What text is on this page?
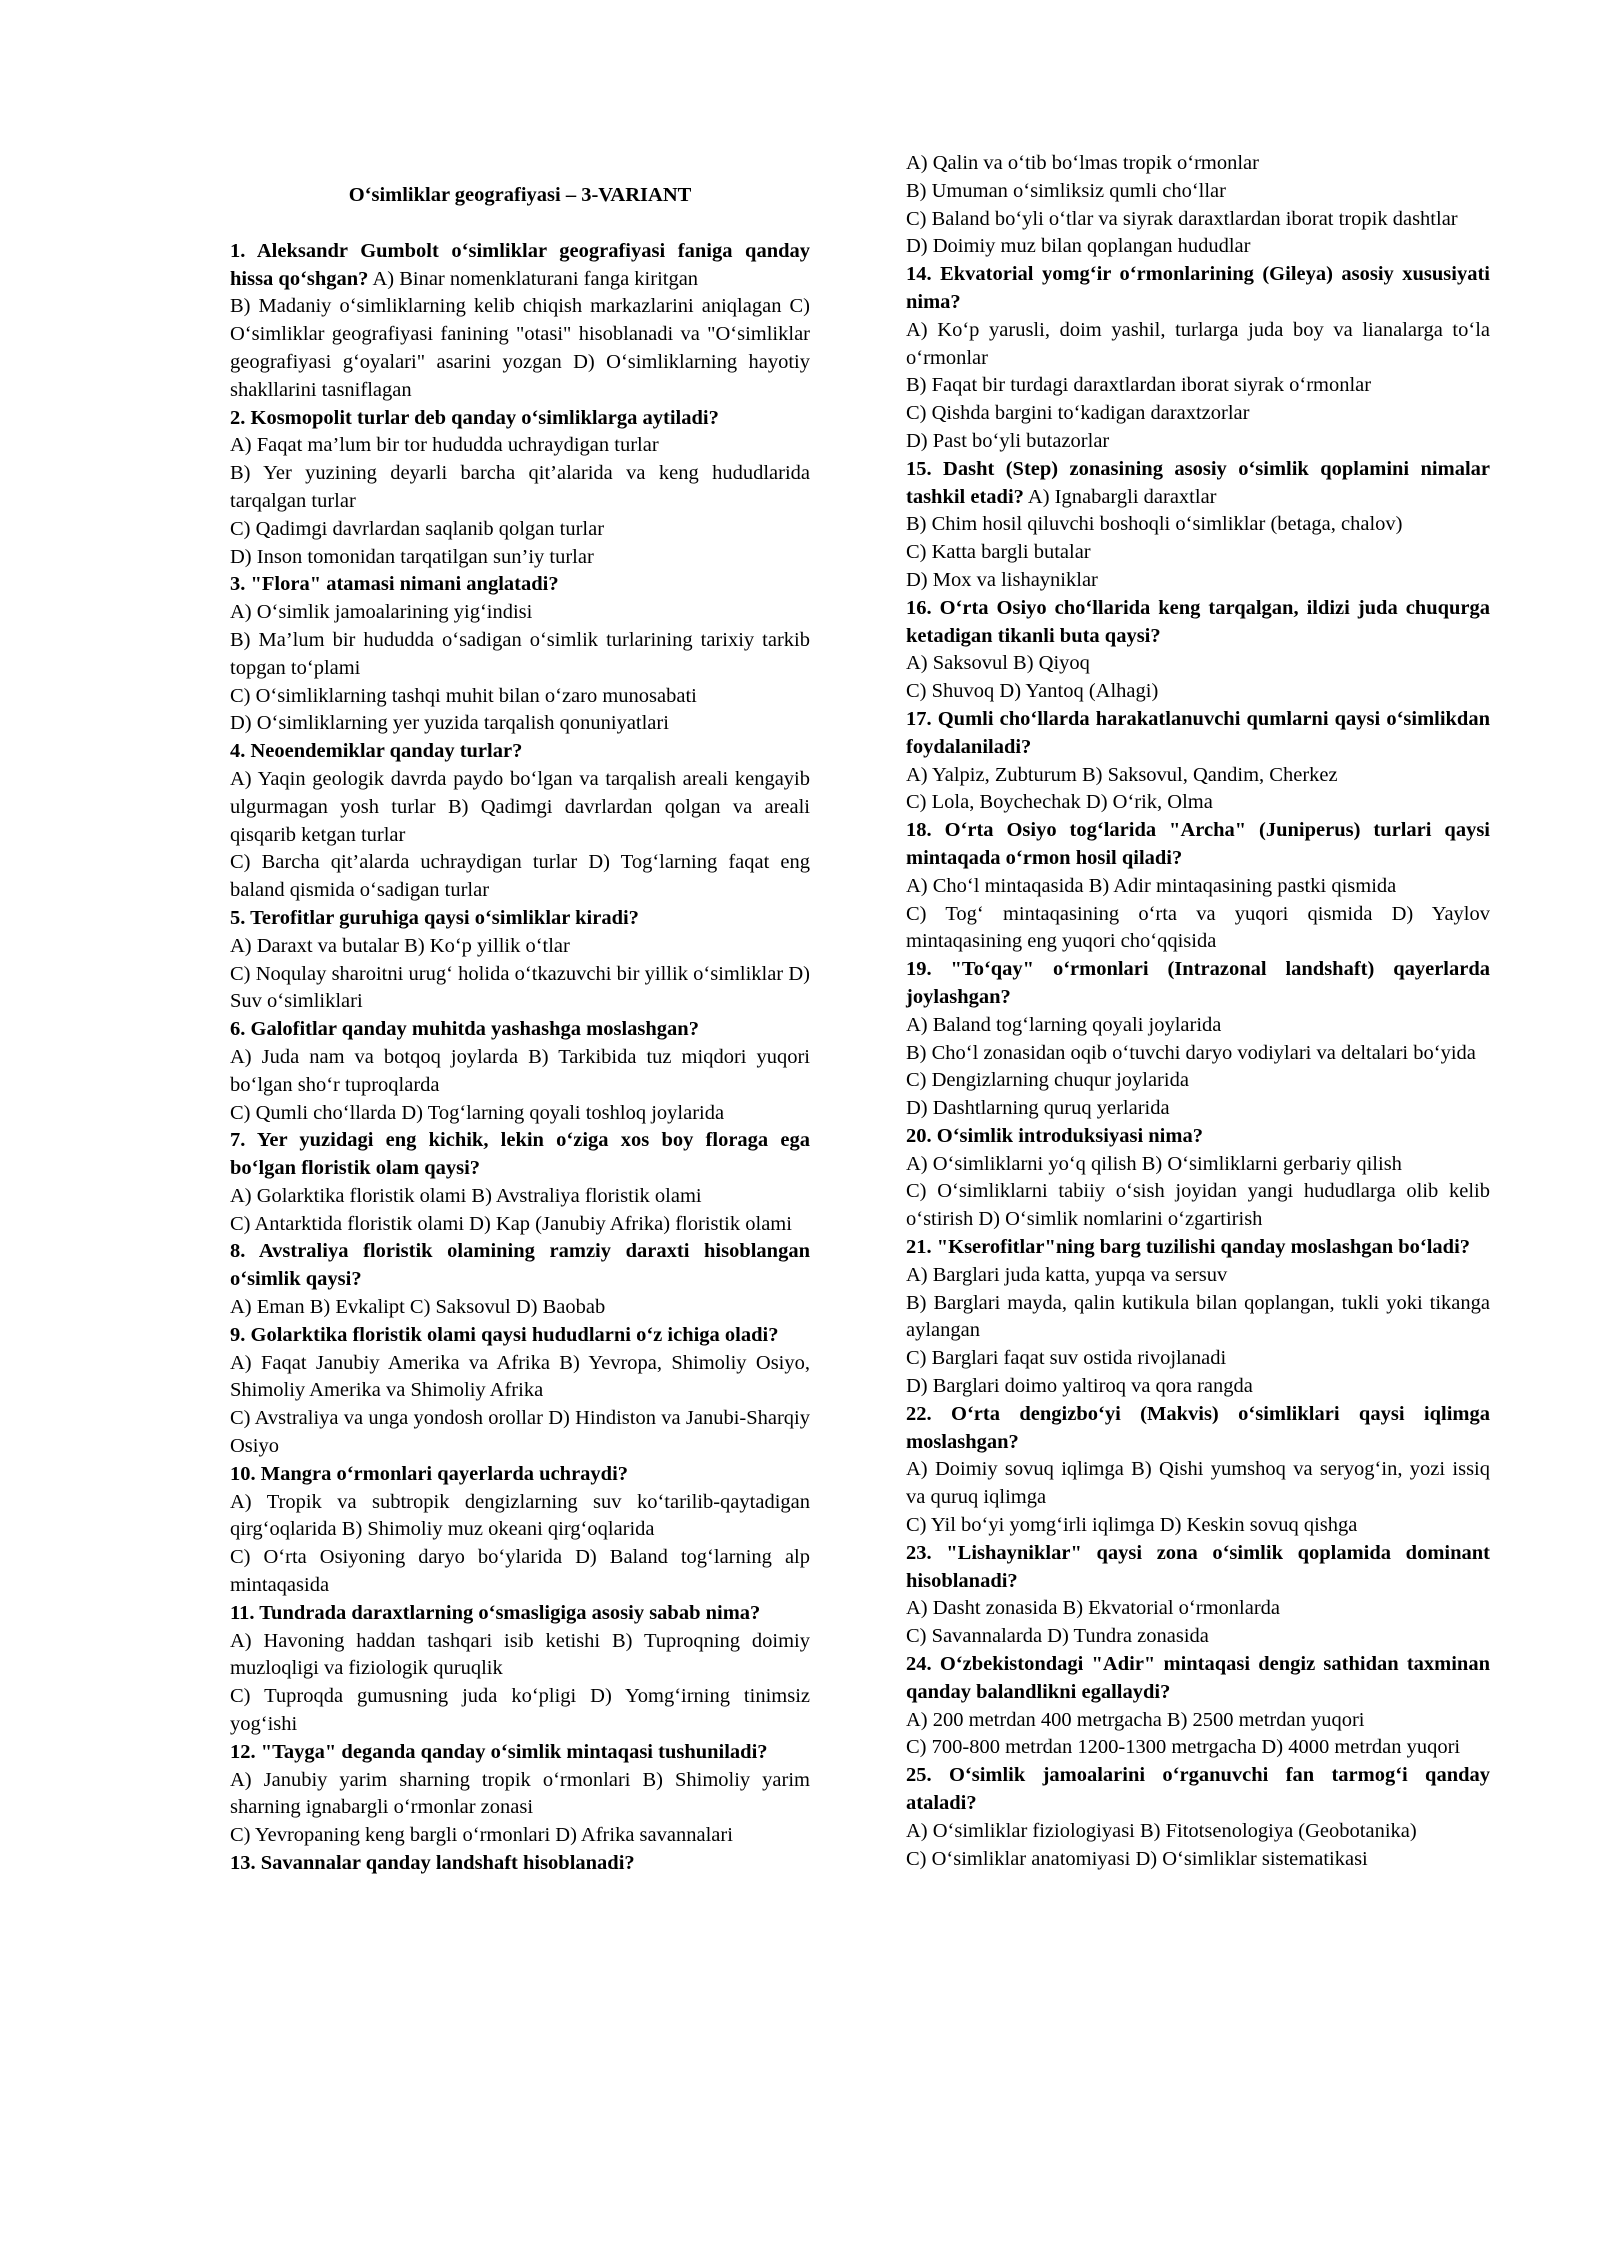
O‘simliklar geografiyasi – 3-VARIANT

1. Aleksandr Gumbolt o‘simliklar geografiyasi faniga qanday hissa qo‘shgan? A) Binar nomenklaturani fanga kiritgan

B) Madaniy o‘simliklarning kelib chiqish markazlarini aniqlagan C) O‘simliklar geografiyasi fanining "otasi" hisoblanadi va "O‘simliklar geografiyasi g‘oyalari" asarini yozgan D) O‘simliklarning hayotiy shakllarini tasniflagan

2. Kosmopolit turlar deb qanday o‘simliklarga aytiladi?

A) Faqat ma’lum bir tor hududda uchraydigan turlar

B) Yer yuzining deyarli barcha qit’alarida va keng hududlarida tarqalgan turlar

C) Qadimgi davrlardan saqlanib qolgan turlar

D) Inson tomonidan tarqatilgan sun’iy turlar

3. "Flora" atamasi nimani anglatadi?

A) O‘simlik jamoalarining yig‘indisi

B) Ma’lum bir hududda o‘sadigan o‘simlik turlarining tarixiy tarkib topgan to‘plami

C) O‘simliklarning tashqi muhit bilan o‘zaro munosabati

D) O‘simliklarning yer yuzida tarqalish qonuniyatlari

4. Neoendemiklar qanday turlar?

A) Yaqin geologik davrda paydo bo‘lgan va tarqalish areali kengayib ulgurmagan yosh turlar B) Qadimgi davrlardan qolgan va areali qisqarib ketgan turlar

C) Barcha qit’alarda uchraydigan turlar D) Tog‘larning faqat eng baland qismida o‘sadigan turlar

5. Terofitlar guruhiga qaysi o‘simliklar kiradi?

A) Daraxt va butalar B) Ko‘p yillik o‘tlar

C) Noqulay sharoitni urug‘ holida o‘tkazuvchi bir yillik o‘simliklar D) Suv o‘simliklari

6. Galofitlar qanday muhitda yashashga moslashgan?

A) Juda nam va botqoq joylarda B) Tarkibida tuz miqdori yuqori bo‘lgan sho‘r tuproqlarda

C) Qumli cho‘llarda D) Tog‘larning qoyali toshloq joylarida

7. Yer yuzidagi eng kichik, lekin o‘ziga xos boy floraga ega bo‘lgan floristik olam qaysi?

A) Golarktika floristik olami B) Avstraliya floristik olami

C) Antarktida floristik olami D) Kap (Janubiy Afrika) floristik olami

8. Avstraliya floristik olamining ramziy daraxti hisoblangan o‘simlik qaysi?

A) Eman B) Evkalipt C) Saksovul D) Baobab

9. Golarktika floristik olami qaysi hududlarni o‘z ichiga oladi?

A) Faqat Janubiy Amerika va Afrika B) Yevropa, Shimoliy Osiyo, Shimoliy Amerika va Shimoliy Afrika

C) Avstraliya va unga yondosh orollar D) Hindiston va Janubi-Sharqiy Osiyo

10. Mangra o‘rmonlari qayerlarda uchraydi?

A) Tropik va subtropik dengizlarning suv ko‘tarilib-qaytadigan qirg‘oqlarida B) Shimoliy muz okeani qirg‘oqlarida

C) O‘rta Osiyoning daryo bo‘ylarida D) Baland tog‘larning alp mintaqasida

11. Tundrada daraxtlarning o‘smasligiga asosiy sabab nima?

A) Havoning haddan tashqari isib ketishi B) Tuproqning doimiy muzloqligi va fiziologik quruqlik

C) Tuproqda gumusning juda ko‘pligi D) Yomg‘irning tinimsiz yog‘ishi

12. "Tayga" deganda qanday o‘simlik mintaqasi tushuniladi?

A) Janubiy yarim sharning tropik o‘rmonlari B) Shimoliy yarim sharning ignabargli o‘rmonlar zonasi

C) Yevropaning keng bargli o‘rmonlari D) Afrika savannalari

13. Savannalar qanday landshaft hisoblanadi?

A) Qalin va o‘tib bo‘lmas tropik o‘rmonlar

B) Umuman o‘simliksiz qumli cho‘llar

C) Baland bo‘yli o‘tlar va siyrak daraxtlardan iborat tropik dashtlar

D) Doimiy muz bilan qoplangan hududlar

14. Ekvatorial yomg‘ir o‘rmonlarining (Gileya) asosiy xususiyati nima?

A) Ko‘p yarusli, doim yashil, turlarga juda boy va lianalarga to‘la o‘rmonlar

B) Faqat bir turdagi daraxtlardan iborat siyrak o‘rmonlar

C) Qishda bargini to‘kadigan daraxtzorlar

D) Past bo‘yli butazorlar

15. Dasht (Step) zonasining asosiy o‘simlik qoplamini nimalar tashkil etadi? A) Ignabargli daraxtlar

B) Chim hosil qiluvchi boshoqli o‘simliklar (betaga, chalov)

C) Katta bargli butalar

D) Mox va lishayniklar

16. O‘rta Osiyo cho‘llarida keng tarqalgan, ildizi juda chuqurga ketadigan tikanli buta qaysi?

A) Saksovul B) Qiyoq

C) Shuvoq D) Yantoq (Alhagi)

17. Qumli cho‘llarda harakatlanuvchi qumlarni qaysi o‘simlikdan foydalaniladi?

A) Yalpiz, Zubturum B) Saksovul, Qandim, Cherkez

C) Lola, Boychechak D) O‘rik, Olma

18. O‘rta Osiyo tog‘larida "Archa" (Juniperus) turlari qaysi mintaqada o‘rmon hosil qiladi?

A) Cho‘l mintaqasida B) Adir mintaqasining pastki qismida

C) Tog‘ mintaqasining o‘rta va yuqori qismida D) Yaylov mintaqasining eng yuqori cho‘qqisida

19. "To‘qay" o‘rmonlari (Intrazonal landshaft) qayerlarda joylashgan?

A) Baland tog‘larning qoyali joylarida

B) Cho‘l zonasidan oqib o‘tuvchi daryo vodiylari va deltalari bo‘yida

C) Dengizlarning chuqur joylarida

D) Dashtlarning quruq yerlarida

20. O‘simlik introduksiyasi nima?

A) O‘simliklarni yo‘q qilish B) O‘simliklarni gerbariy qilish

C) O‘simliklarni tabiiy o‘sish joyidan yangi hududlarga olib kelib o‘stirish D) O‘simlik nomlarini o‘zgartirish

21. "Kserofitlar"ning barg tuzilishi qanday moslashgan bo‘ladi?

A) Barglari juda katta, yupqa va sersuv

B) Barglari mayda, qalin kutikula bilan qoplangan, tukli yoki tikanga aylangan

C) Barglari faqat suv ostida rivojlanadi

D) Barglari doimo yaltiroq va qora rangda

22. O‘rta dengizbo‘yi (Makvis) o‘simliklari qaysi iqlimga moslashgan?

A) Doimiy sovuq iqlimga B) Qishi yumshoq va seryog‘in, yozi issiq va quruq iqlimga

C) Yil bo‘yi yomg‘irli iqlimga D) Keskin sovuq qishga

23. "Lishayniklar" qaysi zona o‘simlik qoplamida dominant hisoblanadi?

A) Dasht zonasida B) Ekvatorial o‘rmonlarda

C) Savannalarda D) Tundra zonasida

24. O‘zbekistondagi "Adir" mintaqasi dengiz sathidan taxminan qanday balandlikni egallaydi?

A) 200 metrdan 400 metrgacha B) 2500 metrdan yuqori

C) 700-800 metrdan 1200-1300 metrgacha D) 4000 metrdan yuqori

25. O‘simlik jamoalarini o‘rganuvchi fan tarmog‘i qanday ataladi?

A) O‘simliklar fiziologiyasi B) Fitotsenologiya (Geobotanika)

C) O‘simliklar anatomiyasi D) O‘simliklar sistematikasi
